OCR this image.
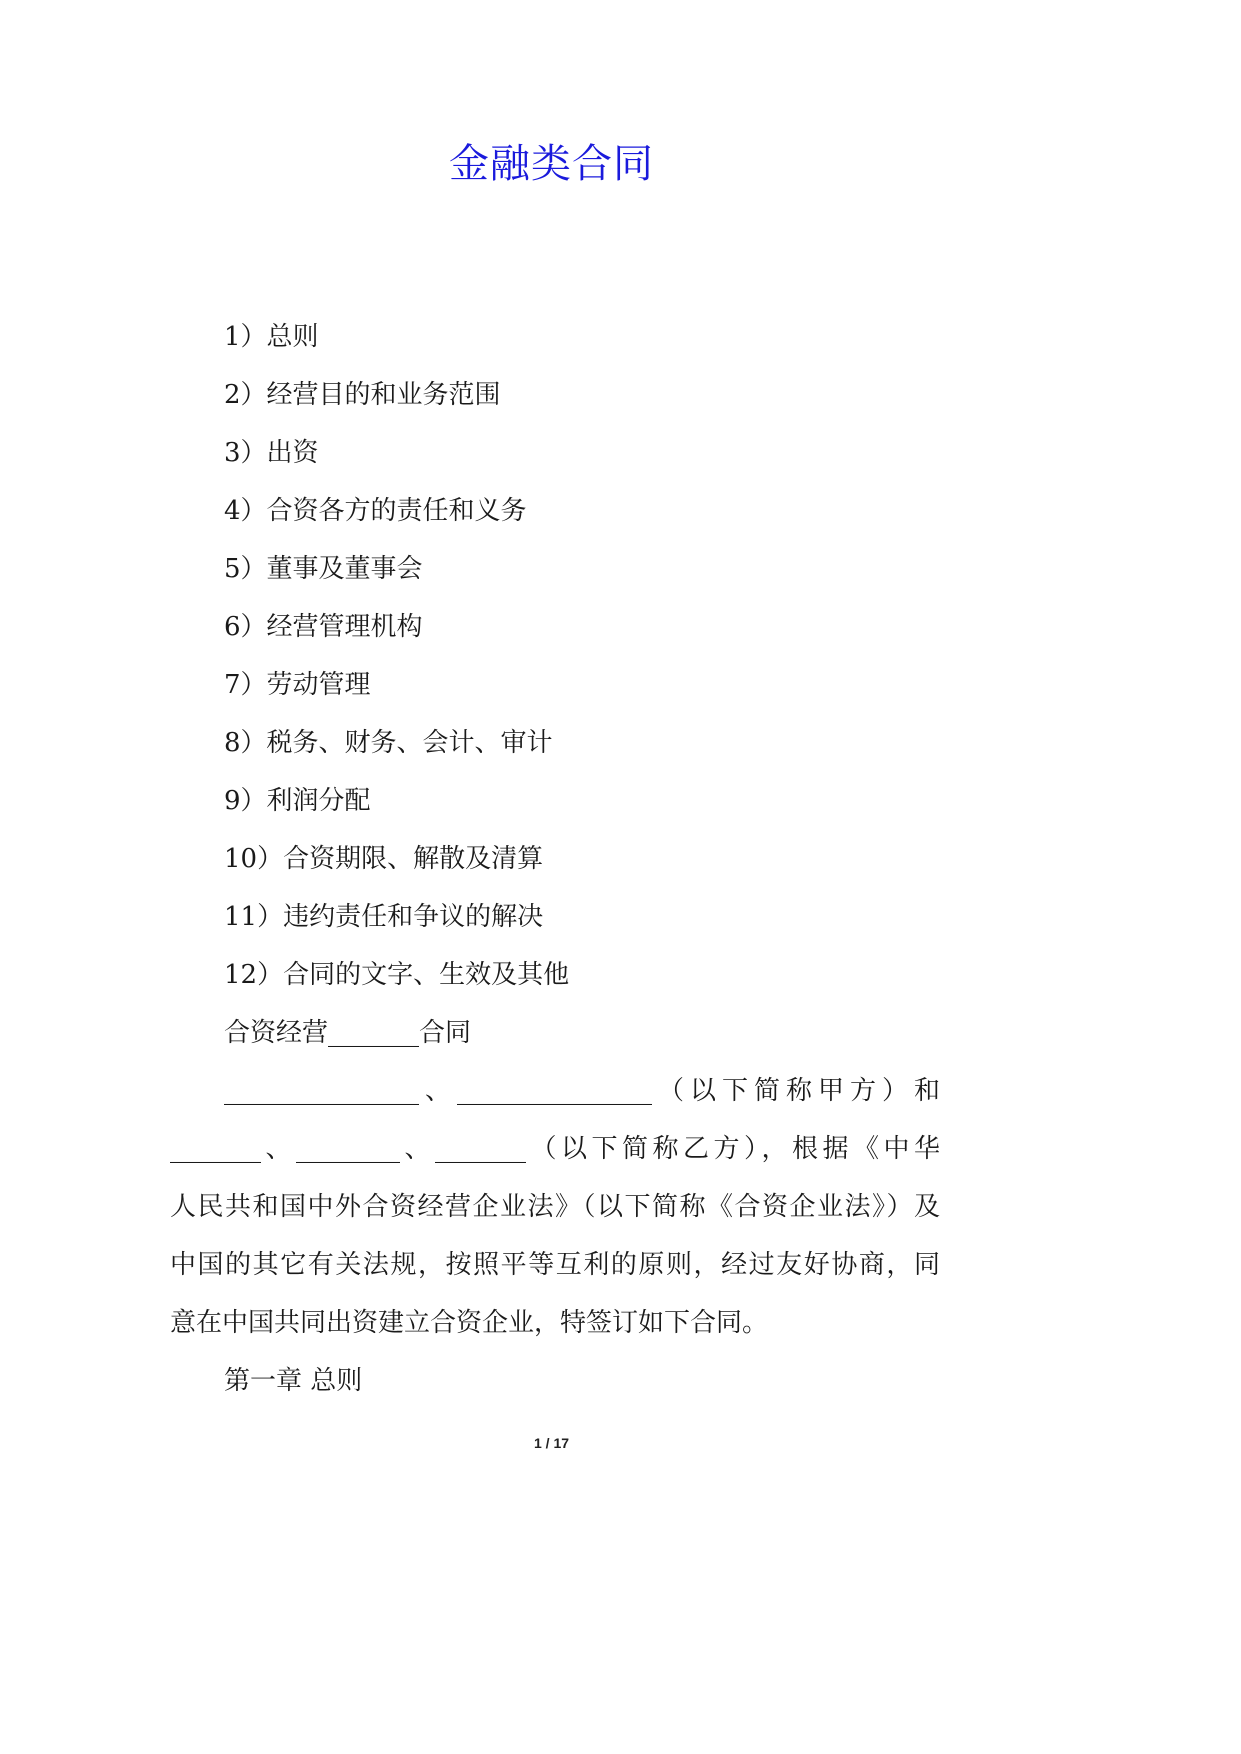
金融类合同
1）总则
2）经营目的和业务范围
3）出资
4）合资各方的责任和义务
5）董事及董事会
6）经营管理机构
7）劳动管理
8）税务、财务、会计、审计
9）利润分配
10）合资期限、解散及清算
11）违约责任和争议的解决
12）合同的文字、生效及其他
合资经营_______合同
_______________、_______________（以下简称甲方）和
_______、________、_______（以下简称乙方），根据《中华
人民共和国中外合资经营企业法》（以下简称《合资企业法》）及
中国的其它有关法规，按照平等互利的原则，经过友好协商，同
意在中国共同出资建立合资企业，特签订如下合同。
第一章 总则
1 / 17
